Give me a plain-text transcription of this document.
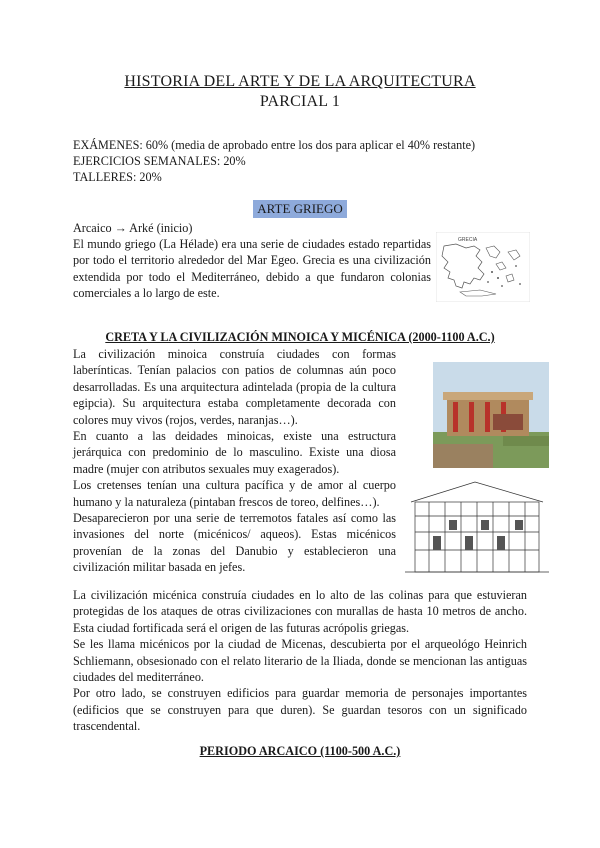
HISTORIA DEL ARTE Y DE LA ARQUITECTURA
PARCIAL 1
EXÁMENES: 60% (media de aprobado entre los dos para aplicar el 40% restante)
EJERCICIOS SEMANALES: 20%
TALLERES: 20%
ARTE GRIEGO
Arcaico → Arké (inicio)

El mundo griego (La Hélade) era una serie de ciudades estado repartidas por todo el territorio alrededor del Mar Egeo. Grecia es una civilización extendida por todo el Mediterráneo, debido a que fundaron colonias comerciales a lo largo de este.

GRECIA
CRETA Y LA CIVILIZACIÓN MINOICA Y MICÉNICA (2000-1100 A.C.)

La civilización minoica construía ciudades con formas laberínticas. Tenían palacios con patios de columnas aún poco desarrolladas. Es una arquitectura adintelada (propia de la cultura egipcia). Su arquitectura estaba completamente decorada con colores muy vivos (rojos, verdes, naranjas…).

En cuanto a las deidades minoicas, existe una estructura jerárquica con predominio de lo masculino. Existe una diosa madre (mujer con atributos sexuales muy exagerados).

Los cretenses tenían una cultura pacífica y de amor al cuerpo humano y la naturaleza (pintaban frescos de toreo, delfines…).

Desaparecieron por una serie de terremotos fatales así como las invasiones del norte (micénicos/ aqueos). Estas micénicos provenían de la zonas del Danubio y establecieron una civilización militar basada en jefes.

La civilización micénica construía ciudades en lo alto de las colinas para que estuvieran protegidas de los ataques de otras civilizaciones con murallas de hasta 10 metros de ancho. Esta ciudad fortificada será el origen de las futuras acrópolis griegas.

Se les llama micénicos por la ciudad de Micenas, descubierta por el arqueológo Heinrich Schliemann, obsesionado con el relato literario de la Iliada, donde se mencionan las antiguas ciudades del mediterráneo.

Por otro lado, se construyen edificios para guardar memoria de personajes importantes (edificios que se construyen para que duren). Se guardan tesoros con un significado trascendental.

PERIODO ARCAICO (1100-500 A.C.)
